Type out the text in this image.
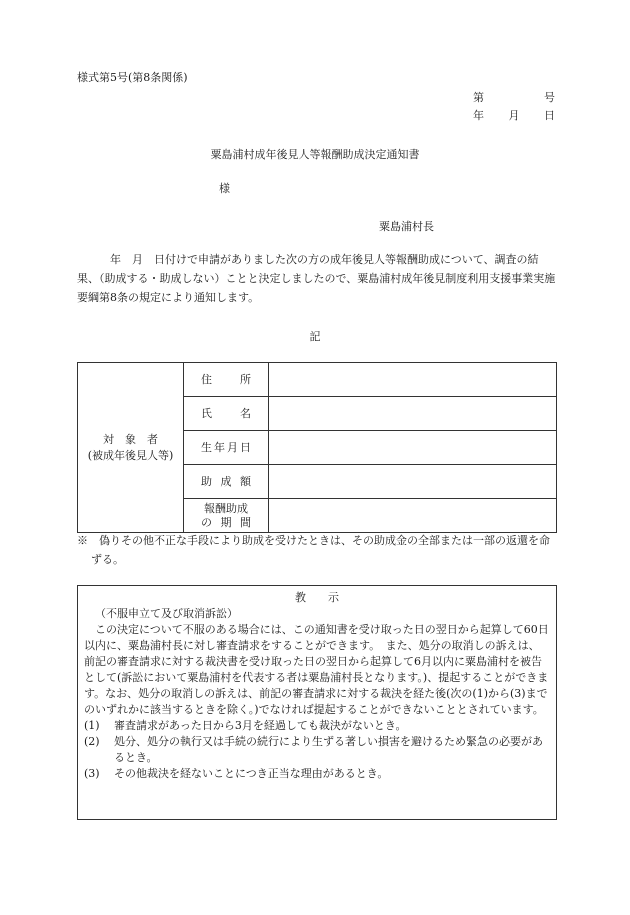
様式第5号(第8条関係)
第	号
年 月 日
粟島浦村成年後見人等報酬助成決定通知書
様
粟島浦村長
年　月　日付けで申請がありました次の方の成年後見人等報酬助成について、調査の結果、（助成する・助成しない）ことと決定しましたので、粟島浦村成年後見制度利用支援事業実施要綱第8条の規定により通知します。
記
対　象　者
(被成年後見人等)	住所	
	氏名	
	生年月日	
	助成額	

	報酬助成
の期間	
※　偽りその他不正な手段により助成を受けたときは、その助成金の全部または一部の返還を命ずる。
教　　示
（不服申立て及び取消訴訟）
この決定について不服のある場合には、この通知書を受け取った日の翌日から起算して60日以内に、粟島浦村長に対し審査請求をすることができます。　また、処分の取消しの訴えは、前記の審査請求に対する裁決書を受け取った日の翌日から起算して6月以内に粟島浦村を被告として(訴訟において粟島浦村を代表する者は粟島浦村長となります。)、提起することができます。なお、処分の取消しの訴えは、前記の審査請求に対する裁決を経た後(次の(1)から(3)までのいずれかに該当するときを除く。)でなければ提起することができないこととされています。
(1) 審査請求があった日から3月を経過しても裁決がないとき。
(2) 処分、処分の執行又は手続の続行により生ずる著しい損害を避けるため緊急の必要があるとき。
(3) その他裁決を経ないことにつき正当な理由があるとき。
